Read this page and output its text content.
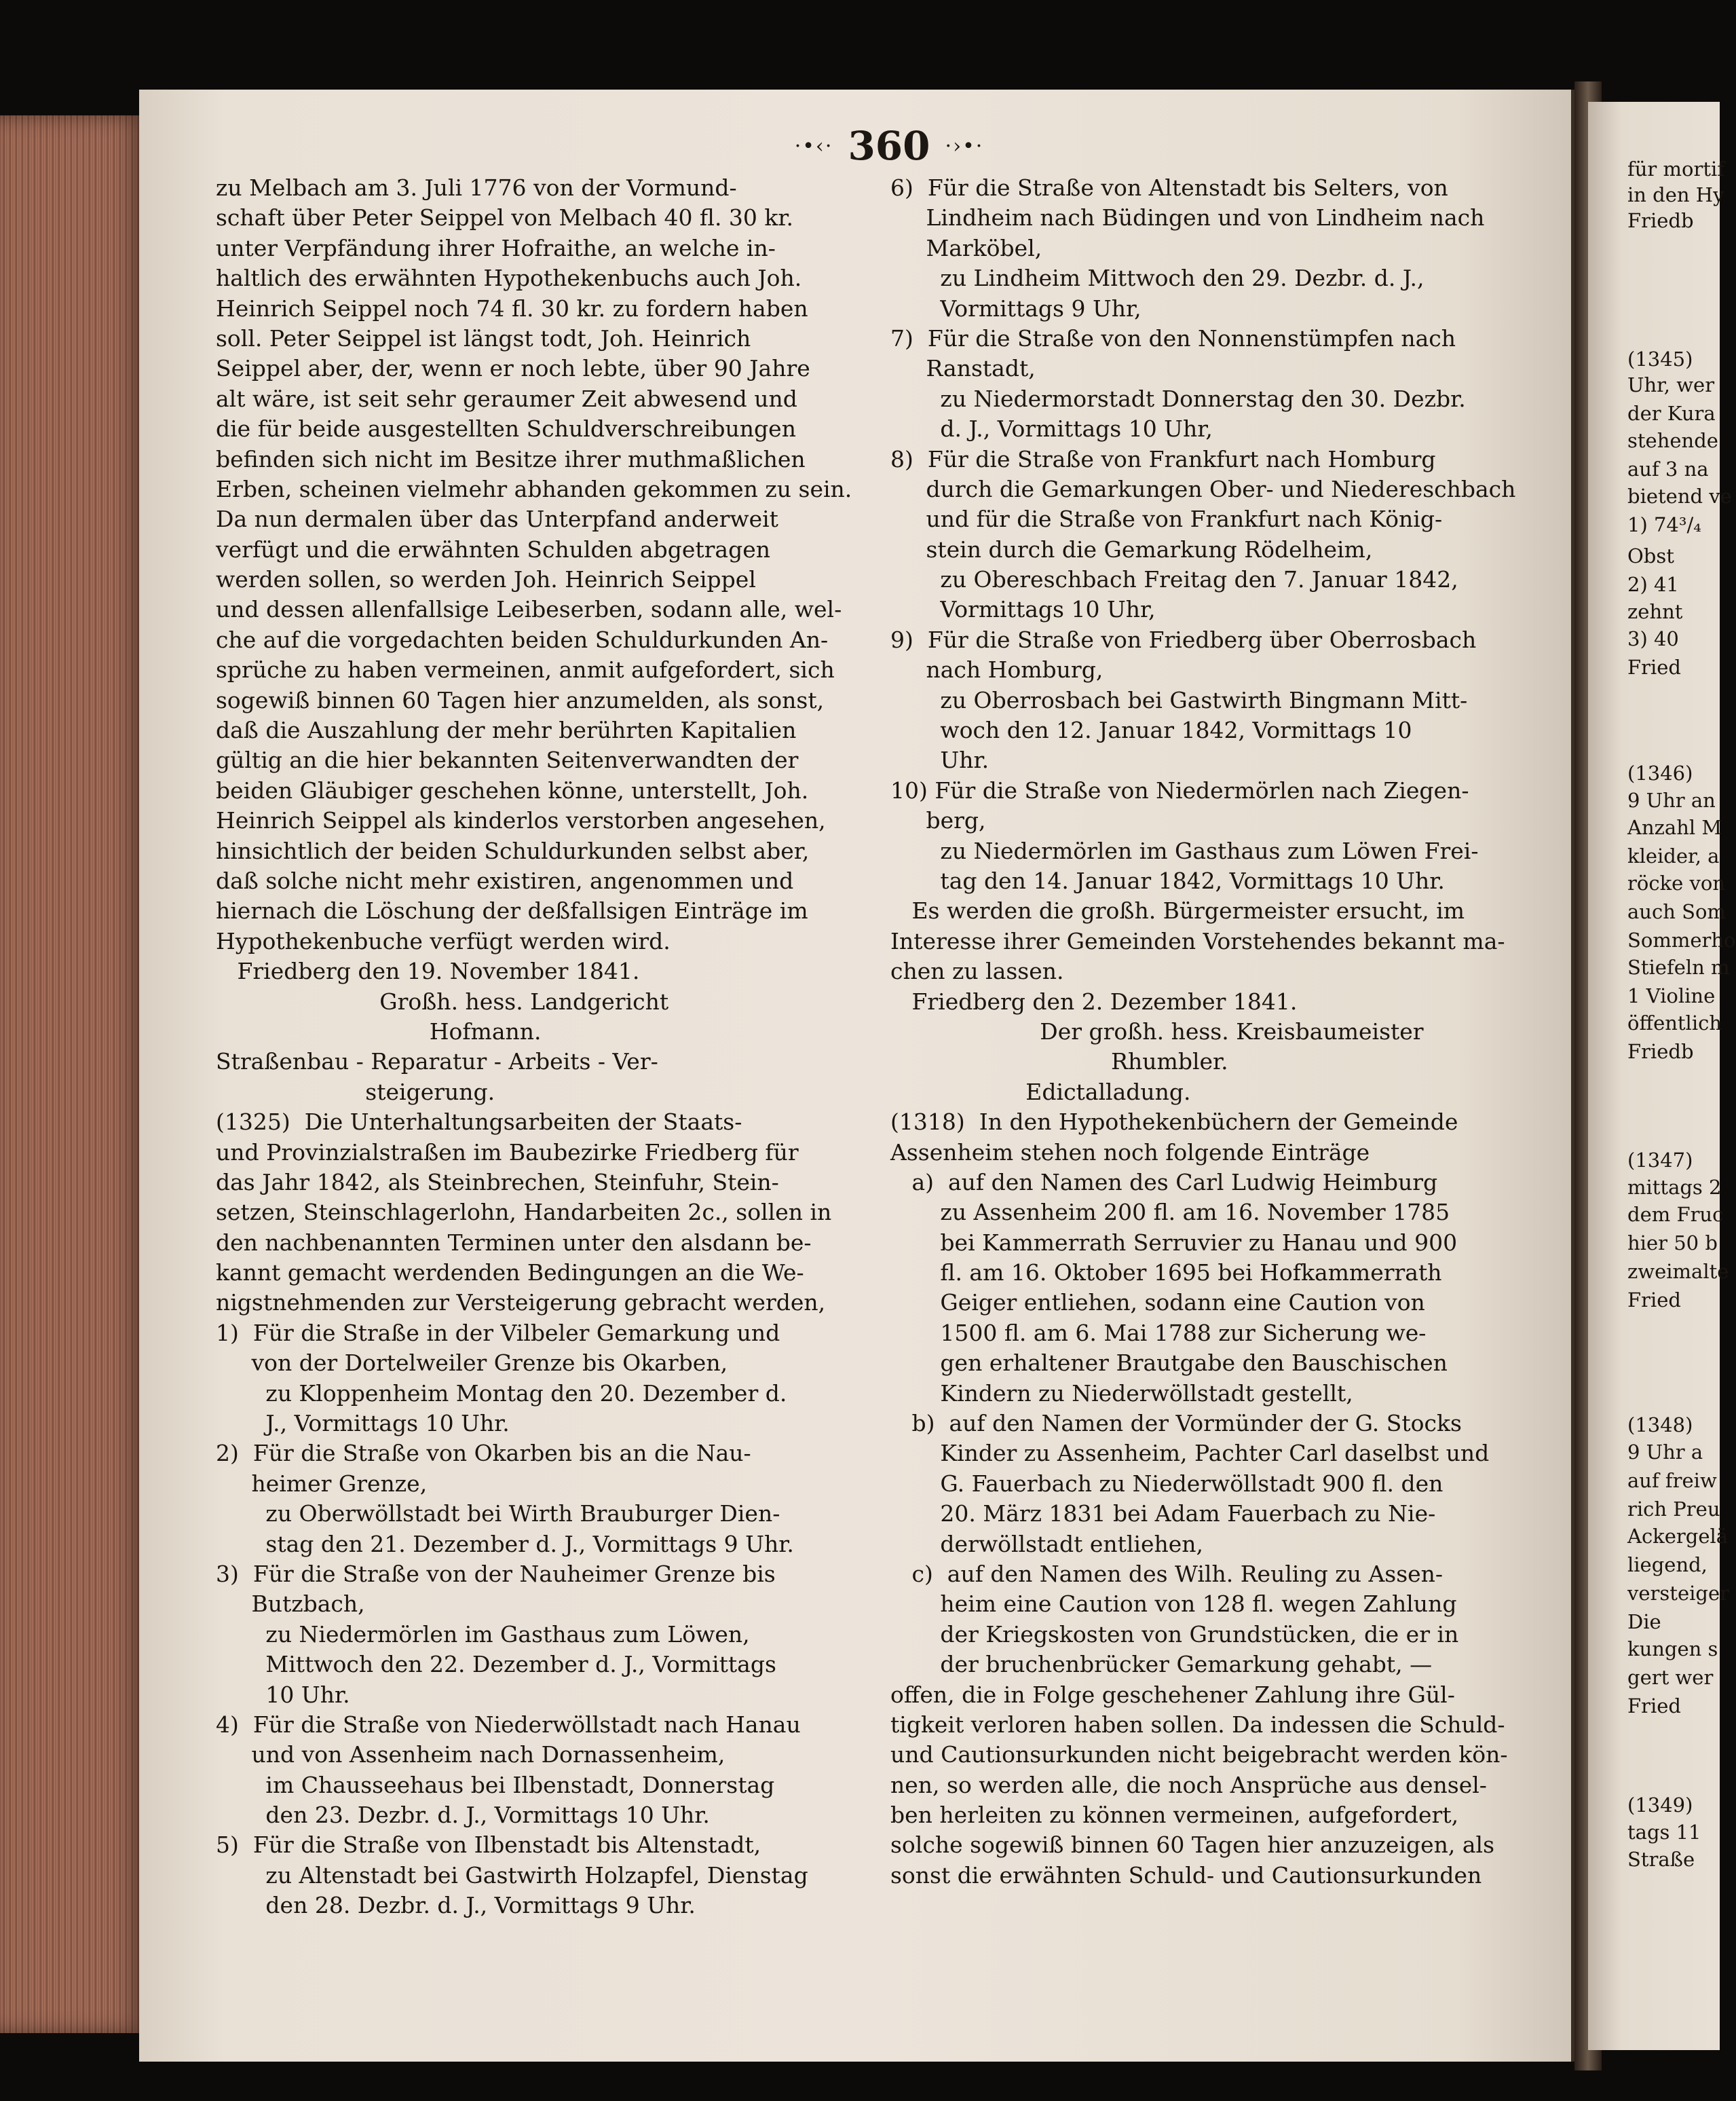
·•‹· 360 ·›•·
zu Melbach am 3. Juli 1776 von der Vormund-
schaft über Peter Seippel von Melbach 40 fl. 30 kr.
unter Verpfändung ihrer Hofraithe, an welche in-
haltlich des erwähnten Hypothekenbuchs auch Joh.
Heinrich Seippel noch 74 fl. 30 kr. zu fordern haben
soll. Peter Seippel ist längst todt, Joh. Heinrich
Seippel aber, der, wenn er noch lebte, über 90 Jahre
alt wäre, ist seit sehr geraumer Zeit abwesend und
die für beide ausgestellten Schuldverschreibungen
befinden sich nicht im Besitze ihrer muthmaßlichen
Erben, scheinen vielmehr abhanden gekommen zu sein.
Da nun dermalen über das Unterpfand anderweit
verfügt und die erwähnten Schulden abgetragen
werden sollen, so werden Joh. Heinrich Seippel
und dessen allenfallsige Leibeserben, sodann alle, wel-
che auf die vorgedachten beiden Schuldurkunden An-
sprüche zu haben vermeinen, anmit aufgefordert, sich
sogewiß binnen 60 Tagen hier anzumelden, als sonst,
daß die Auszahlung der mehr berührten Kapitalien
gültig an die hier bekannten Seitenverwandten der
beiden Gläubiger geschehen könne, unterstellt, Joh.
Heinrich Seippel als kinderlos verstorben angesehen,
hinsichtlich der beiden Schuldurkunden selbst aber,
daß solche nicht mehr existiren, angenommen und
hiernach die Löschung der deßfallsigen Einträge im
Hypothekenbuche verfügt werden wird.
Friedberg den 19. November 1841.
Großh. hess. Landgericht
Hofmann.
Straßenbau - Reparatur - Arbeits - Ver-
steigerung.
(1325)  Die Unterhaltungsarbeiten der Staats-
und Provinzialstraßen im Baubezirke Friedberg für
das Jahr 1842, als Steinbrechen, Steinfuhr, Stein-
setzen, Steinschlagerlohn, Handarbeiten 2c., sollen in
den nachbenannten Terminen unter den alsdann be-
kannt gemacht werdenden Bedingungen an die We-
nigstnehmenden zur Versteigerung gebracht werden,
1)  Für die Straße in der Vilbeler Gemarkung und
von der Dortelweiler Grenze bis Okarben,
zu Kloppenheim Montag den 20. Dezember d.
J., Vormittags 10 Uhr.
2)  Für die Straße von Okarben bis an die Nau-
heimer Grenze,
zu Oberwöllstadt bei Wirth Brauburger Dien-
stag den 21. Dezember d. J., Vormittags 9 Uhr.
3)  Für die Straße von der Nauheimer Grenze bis
Butzbach,
zu Niedermörlen im Gasthaus zum Löwen,
Mittwoch den 22. Dezember d. J., Vormittags
10 Uhr.
4)  Für die Straße von Niederwöllstadt nach Hanau
und von Assenheim nach Dornassenheim,
im Chausseehaus bei Ilbenstadt, Donnerstag
den 23. Dezbr. d. J., Vormittags 10 Uhr.
5)  Für die Straße von Ilbenstadt bis Altenstadt,
zu Altenstadt bei Gastwirth Holzapfel, Dienstag
den 28. Dezbr. d. J., Vormittags 9 Uhr.
6)  Für die Straße von Altenstadt bis Selters, von
Lindheim nach Büdingen und von Lindheim nach
Marköbel,
zu Lindheim Mittwoch den 29. Dezbr. d. J.,
Vormittags 9 Uhr,
7)  Für die Straße von den Nonnenstümpfen nach
Ranstadt,
zu Niedermorstadt Donnerstag den 30. Dezbr.
d. J., Vormittags 10 Uhr,
8)  Für die Straße von Frankfurt nach Homburg
durch die Gemarkungen Ober- und Niedereschbach
und für die Straße von Frankfurt nach König-
stein durch die Gemarkung Rödelheim,
zu Obereschbach Freitag den 7. Januar 1842,
Vormittags 10 Uhr,
9)  Für die Straße von Friedberg über Oberrosbach
nach Homburg,
zu Oberrosbach bei Gastwirth Bingmann Mitt-
woch den 12. Januar 1842, Vormittags 10
Uhr.
10) Für die Straße von Niedermörlen nach Ziegen-
berg,
zu Niedermörlen im Gasthaus zum Löwen Frei-
tag den 14. Januar 1842, Vormittags 10 Uhr.
Es werden die großh. Bürgermeister ersucht, im
Interesse ihrer Gemeinden Vorstehendes bekannt ma-
chen zu lassen.
Friedberg den 2. Dezember 1841.
Der großh. hess. Kreisbaumeister
Rhumbler.
Edictalladung.
(1318)  In den Hypothekenbüchern der Gemeinde
Assenheim stehen noch folgende Einträge
a)  auf den Namen des Carl Ludwig Heimburg
zu Assenheim 200 fl. am 16. November 1785
bei Kammerrath Serruvier zu Hanau und 900
fl. am 16. Oktober 1695 bei Hofkammerrath
Geiger entliehen, sodann eine Caution von
1500 fl. am 6. Mai 1788 zur Sicherung we-
gen erhaltener Brautgabe den Bauschischen
Kindern zu Niederwöllstadt gestellt,
b)  auf den Namen der Vormünder der G. Stocks
Kinder zu Assenheim, Pachter Carl daselbst und
G. Fauerbach zu Niederwöllstadt 900 fl. den
20. März 1831 bei Adam Fauerbach zu Nie-
derwöllstadt entliehen,
c)  auf den Namen des Wilh. Reuling zu Assen-
heim eine Caution von 128 fl. wegen Zahlung
der Kriegskosten von Grundstücken, die er in
der bruchenbrücker Gemarkung gehabt, —
offen, die in Folge geschehener Zahlung ihre Gül-
tigkeit verloren haben sollen. Da indessen die Schuld-
und Cautionsurkunden nicht beigebracht werden kön-
nen, so werden alle, die noch Ansprüche aus densel-
ben herleiten zu können vermeinen, aufgefordert,
solche sogewiß binnen 60 Tagen hier anzuzeigen, als
sonst die erwähnten Schuld- und Cautionsurkunden
für mortif
in den Hy
Friedb
(1345)
Uhr, wer
der Kura
stehende
auf 3 na
bietend ve
1) 74³/₄
Obst
2) 41
zehnt
3) 40
Fried
(1346)
9 Uhr an
Anzahl M
kleider, a
röcke von
auch Som
Sommerho
Stiefeln m
1 Violine
öffentlich
Friedb
(1347)
mittags 2
dem Fruc
hier 50 b
zweimalte
Fried
(1348)
9 Uhr a
auf freiw
rich Preu
Ackergelä
liegend,
versteiger
Die
kungen s
gert wer
Fried
(1349)
tags 11
Straße
